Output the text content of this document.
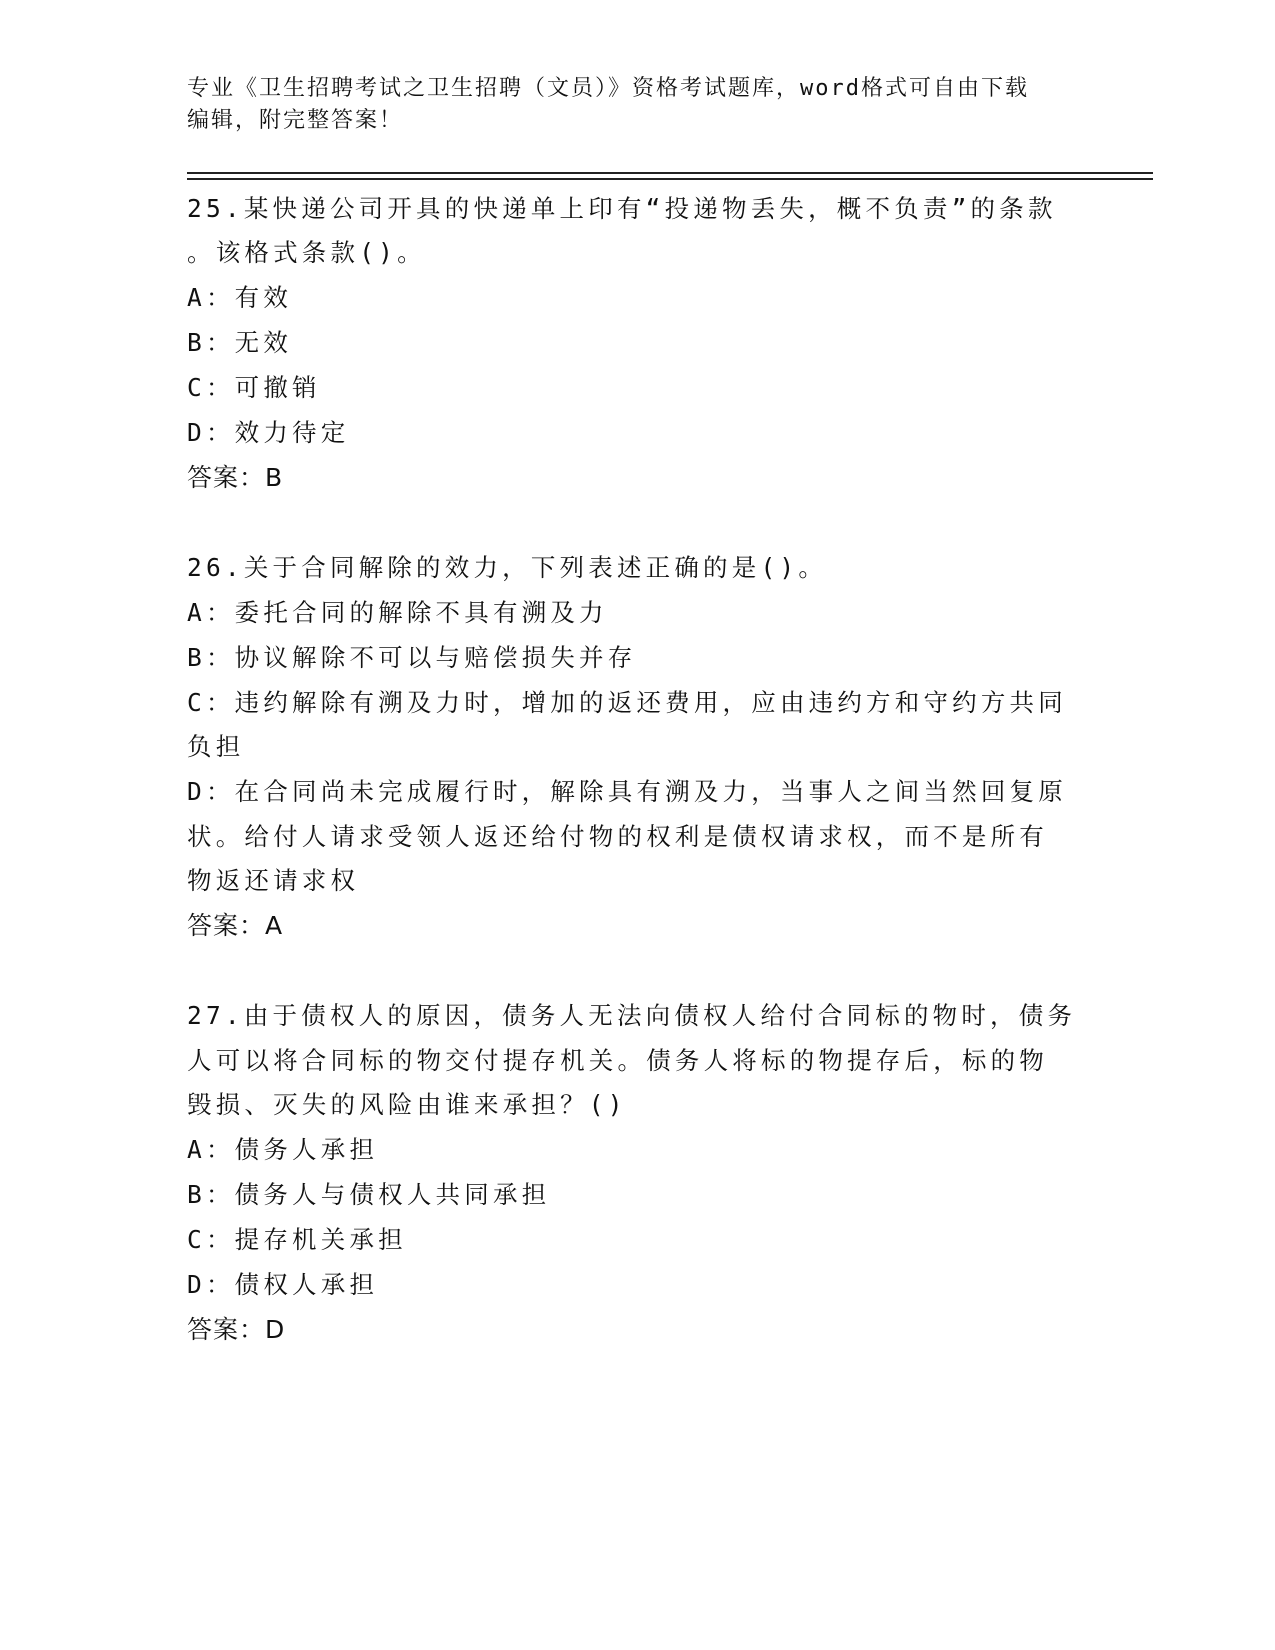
专业《卫生招聘考试之卫生招聘（文员）》资格考试题库，word格式可自由下载
编辑，附完整答案！
25.某快递公司开具的快递单上印有“投递物丢失，概不负责”的条款
。该格式条款()。
A：有效
B：无效
C：可撤销
D：效力待定
答案：B
26.关于合同解除的效力，下列表述正确的是()。
A：委托合同的解除不具有溯及力
B：协议解除不可以与赔偿损失并存
C：违约解除有溯及力时，增加的返还费用，应由违约方和守约方共同
负担
D：在合同尚未完成履行时，解除具有溯及力，当事人之间当然回复原
状。给付人请求受领人返还给付物的权利是债权请求权，而不是所有
物返还请求权
答案：A
27.由于债权人的原因，债务人无法向债权人给付合同标的物时，债务
人可以将合同标的物交付提存机关。债务人将标的物提存后，标的物
毁损、灭失的风险由谁来承担？()
A：债务人承担
B：债务人与债权人共同承担
C：提存机关承担
D：债权人承担
答案：D
